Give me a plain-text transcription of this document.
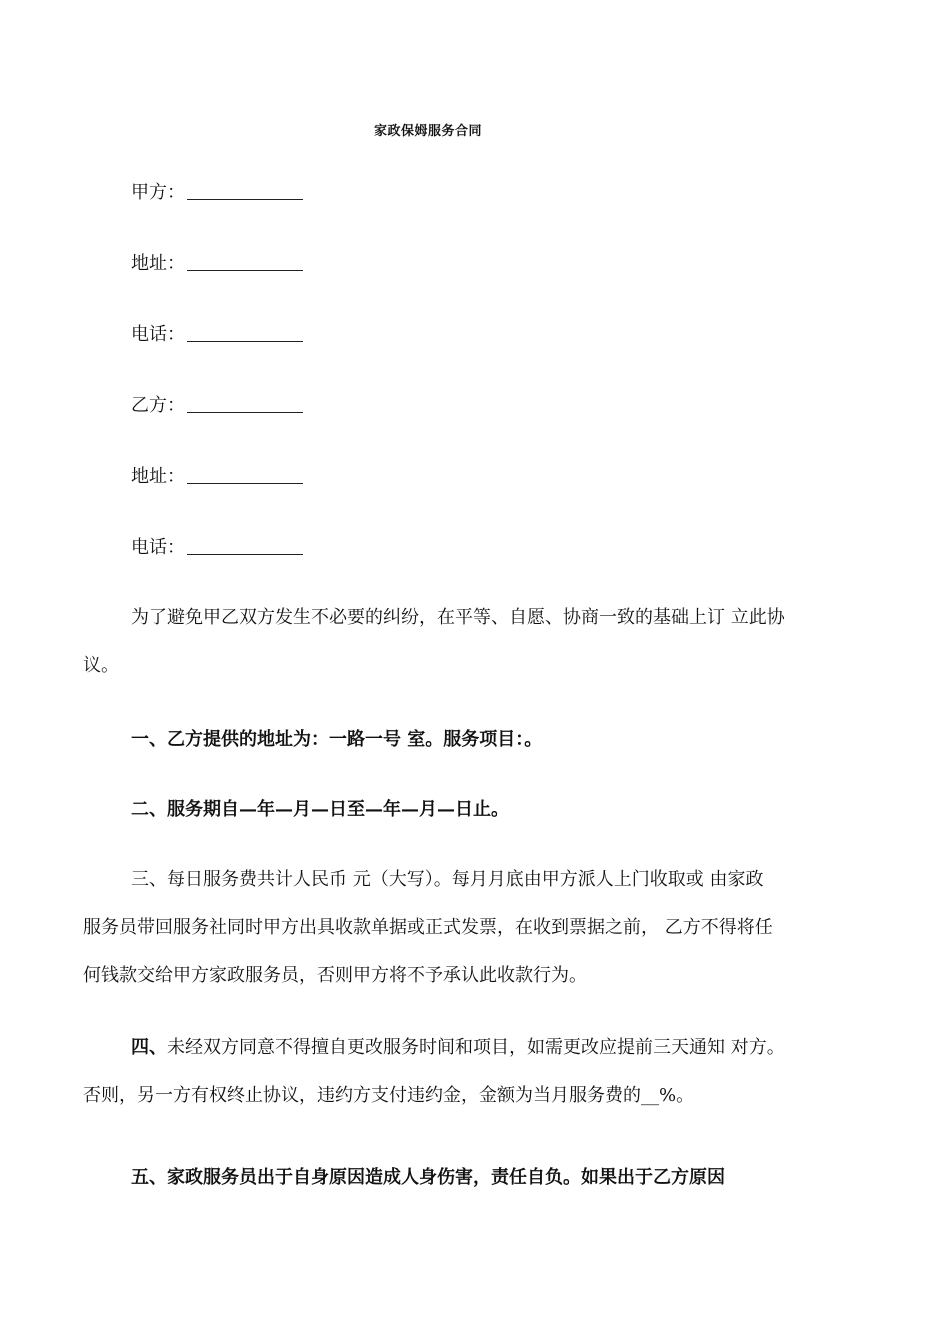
家政保姆服务合同
甲方：
地址：
电话：
乙方：
地址：
电话：
为了避免甲乙双方发生不必要的纠纷，在平等、自愿、协商一致的基础上订 立此协
议。
一、乙方提供的地址为：一路一号 室。服务项目：。
二、服务期自—年—月—日至—年—月—日止。
三、每日服务费共计人民币 元（大写）。每月月底由甲方派人上门收取或 由家政
服务员带回服务社同时甲方出具收款单据或正式发票，在收到票据之前， 乙方不得将任
何钱款交给甲方家政服务员，否则甲方将不予承认此收款行为。
四、未经双方同意不得擅自更改服务时间和项目，如需更改应提前三天通知 对方。
否则，另一方有权终止协议，违约方支付违约金，金额为当月服务费的__%。
五、家政服务员出于自身原因造成人身伤害，责任自负。如果出于乙方原因
